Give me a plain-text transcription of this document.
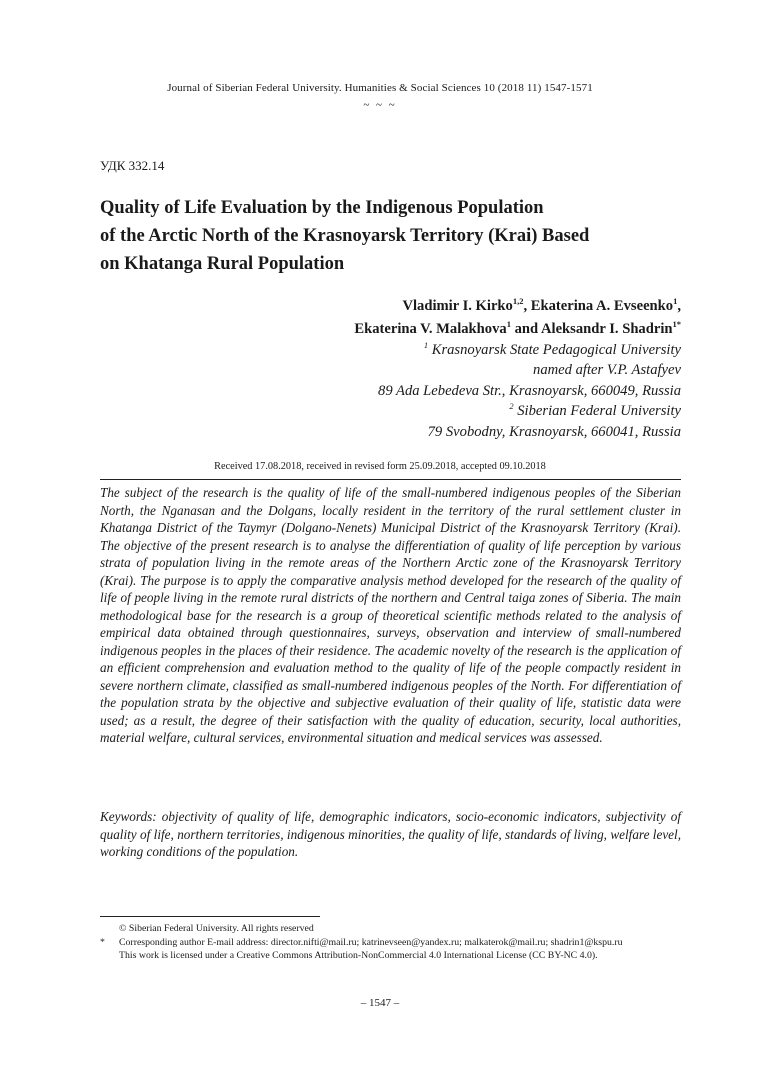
Journal of Siberian Federal University. Humanities & Social Sciences 10 (2018 11) 1547-1571
~ ~ ~
УДК 332.14
Quality of Life Evaluation by the Indigenous Population
of the Arctic North of the Krasnoyarsk Territory (Krai) Based
on Khatanga Rural Population
Vladimir I. Kirko$^{1,2}$, Ekaterina A. Evseenko$^1$,
Ekaterina V. Malakhova$^1$ and Aleksandr I. Shadrin$^{1*}$
$^1$ Krasnoyarsk State Pedagogical University
named after V.P. Astafyev
89 Ada Lebedeva Str., Krasnoyarsk, 660049, Russia
$^2$ Siberian Federal University
79 Svobodny, Krasnoyarsk, 660041, Russia
Received 17.08.2018, received in revised form 25.09.2018, accepted 09.10.2018
The subject of the research is the quality of life of the small-numbered indigenous peoples of the Siberian North, the Nganasan and the Dolgans, locally resident in the territory of the rural settlement cluster in Khatanga District of the Taymyr (Dolgano-Nenets) Municipal District of the Krasnoyarsk Territory (Krai). The objective of the present research is to analyse the differentiation of quality of life perception by various strata of population living in the remote areas of the Northern Arctic zone of the Krasnoyarsk Territory (Krai). The purpose is to apply the comparative analysis method developed for the research of the quality of life of people living in the remote rural districts of the northern and Central taiga zones of Siberia. The main methodological base for the research is a group of theoretical scientific methods related to the analysis of empirical data obtained through questionnaires, surveys, observation and interview of small-numbered indigenous peoples in the places of their residence. The academic novelty of the research is the application of an efficient comprehension and evaluation method to the quality of life of the people compactly resident in severe northern climate, classified as small-numbered indigenous peoples of the North. For differentiation of the population strata by the objective and subjective evaluation of their quality of life, statistic data were used; as a result, the degree of their satisfaction with the quality of education, security, local authorities, material welfare, cultural services, environmental situation and medical services was assessed.
Keywords: objectivity of quality of life, demographic indicators, socio-economic indicators, subjectivity of quality of life, northern territories, indigenous minorities, the quality of life, standards of living, welfare level, working conditions of the population.
© Siberian Federal University. All rights reserved
* Corresponding author E-mail address: director.nifti@mail.ru; katrinevseen@yandex.ru; malkaterok@mail.ru; shadrin1@kspu.ru
This work is licensed under a Creative Commons Attribution-NonCommercial 4.0 International License (CC BY-NC 4.0).
– 1547 –
